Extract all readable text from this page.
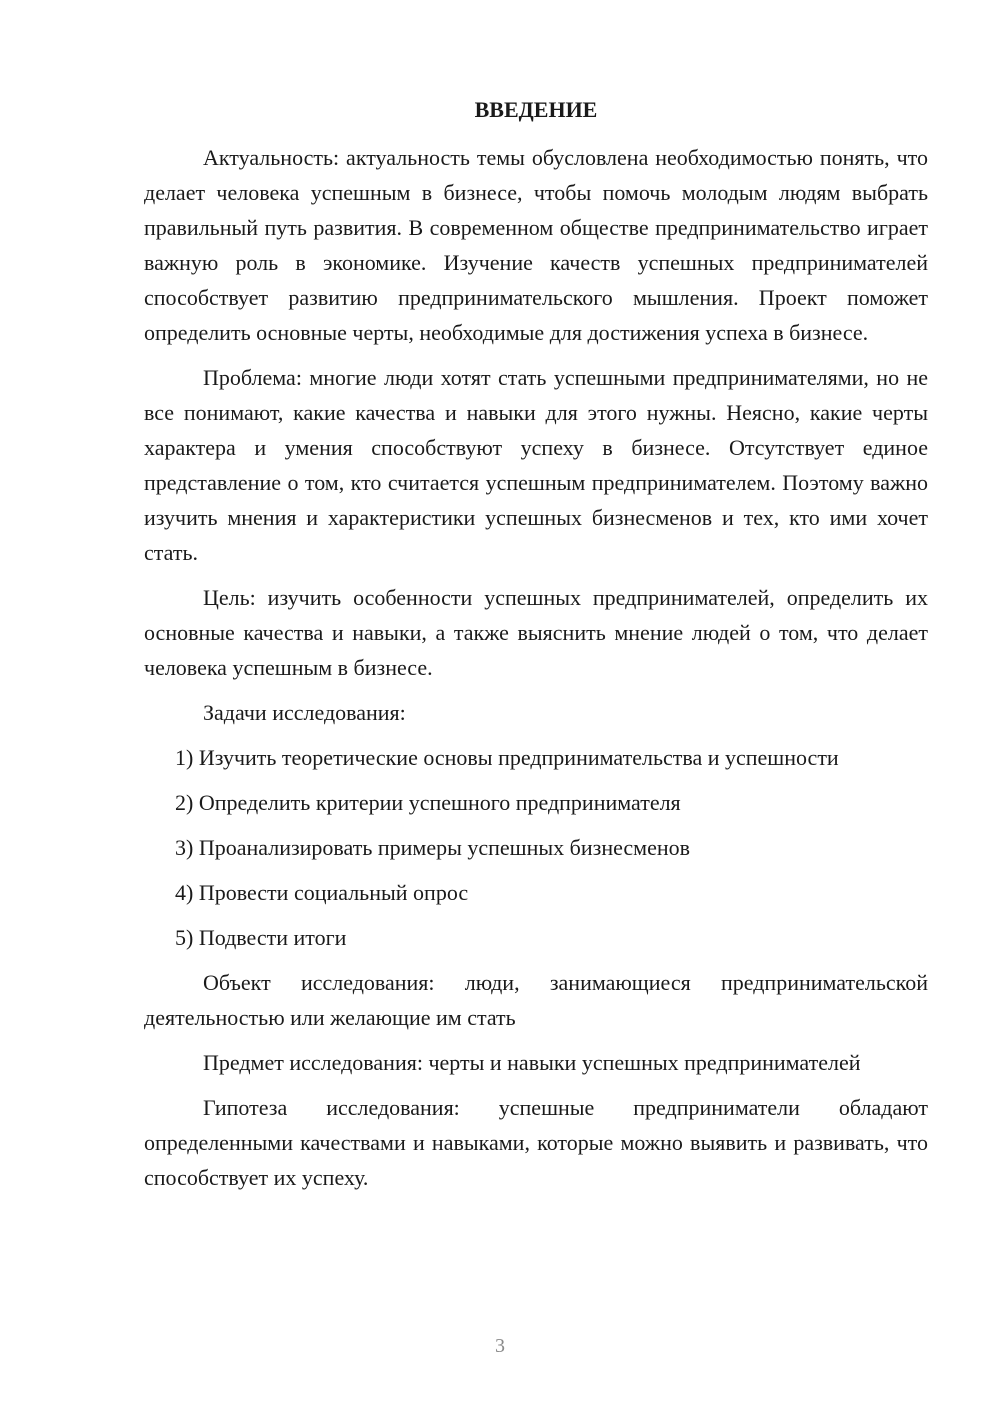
ВВЕДЕНИЕ

Актуальность: актуальность темы обусловлена необходимостью понять, что делает человека успешным в бизнесе, чтобы помочь молодым людям выбрать правильный путь развития. В современном обществе предпринимательство играет важную роль в экономике. Изучение качеств успешных предпринимателей способствует развитию предпринимательского мышления. Проект поможет определить основные черты, необходимые для достижения успеха в бизнесе.

Проблема: многие люди хотят стать успешными предпринимателями, но не все понимают, какие качества и навыки для этого нужны. Неясно, какие черты характера и умения способствуют успеху в бизнесе. Отсутствует единое представление о том, кто считается успешным предпринимателем. Поэтому важно изучить мнения и характеристики успешных бизнесменов и тех, кто ими хочет стать.

Цель: изучить особенности успешных предпринимателей, определить их основные качества и навыки, а также выяснить мнение людей о том, что делает человека успешным в бизнесе.

Задачи исследования:

1) Изучить теоретические основы предпринимательства и успешности
2) Определить критерии успешного предпринимателя
3) Проанализировать примеры успешных бизнесменов
4) Провести социальный опрос
5) Подвести итоги

Объект исследования: люди, занимающиеся предпринимательской деятельностью или желающие им стать

Предмет исследования: черты и навыки успешных предпринимателей

Гипотеза исследования: успешные предприниматели обладают определенными качествами и навыками, которые можно выявить и развивать, что способствует их успеху.

3
